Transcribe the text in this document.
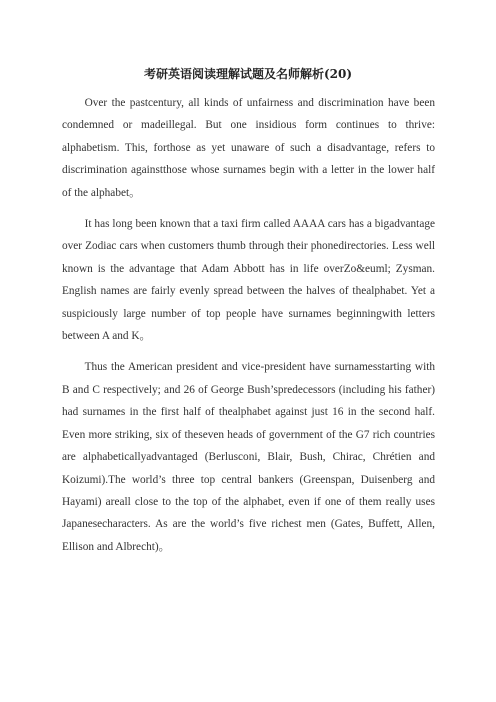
考研英语阅读理解试题及名师解析(20)

Over the pastcentury, all kinds of unfairness and discrimination have been condemned or madeillegal. But one insidious form continues to thrive: alphabetism. This, forthose as yet unaware of such a disadvantage, refers to discrimination againstthose whose surnames begin with a letter in the lower half of the alphabet。

It has long been known that a taxi firm called AAAA cars has a bigadvantage over Zodiac cars when customers thumb through their phonedirectories. Less well known is the advantage that Adam Abbott has in life overZo&euml; Zysman. English names are fairly evenly spread between the halves of thealphabet. Yet a suspiciously large number of top people have surnames beginningwith letters between A and K。

Thus the American president and vice-president have surnamesstarting with B and C respectively; and 26 of George Bush’spredecessors (including his father) had surnames in the first half of thealphabet against just 16 in the second half. Even more striking, six of theseven heads of government of the G7 rich countries are alphabeticallyadvantaged (Berlusconi, Blair, Bush, Chirac, Chrétien and Koizumi).The world’s three top central bankers (Greenspan, Duisenberg and Hayami) areall close to the top of the alphabet, even if one of them really uses Japanesecharacters. As are the world’s five richest men (Gates, Buffett, Allen, Ellison and Albrecht)。
